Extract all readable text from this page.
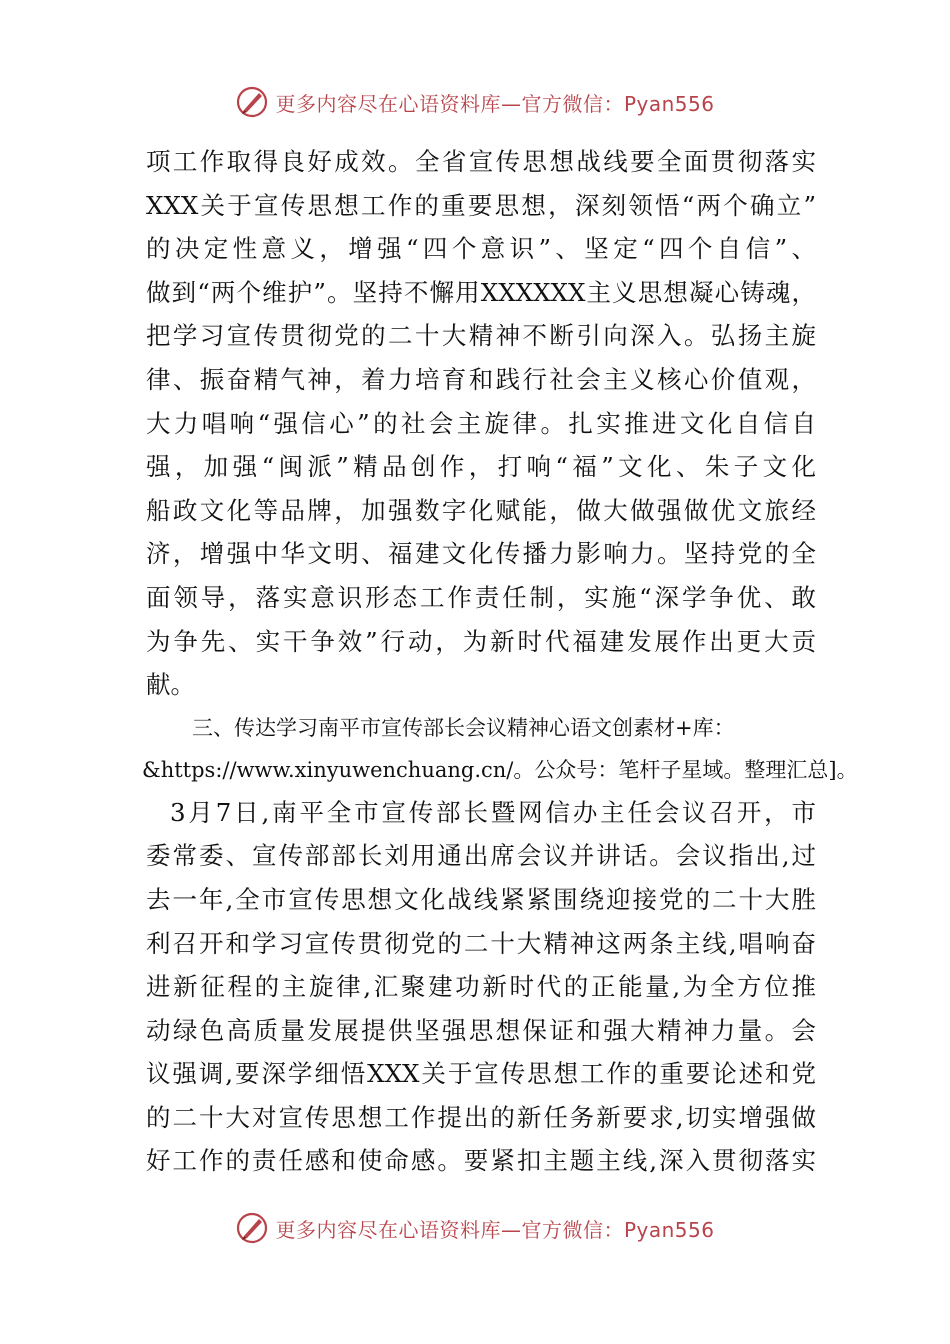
更多内容尽在心语资料库—官方微信：Pyan556
项工作取得良好成效。全省宣传思想战线要全面贯彻落实
XXX关于宣传思想工作的重要思想，深刻领悟“两个确立”
的决定性意义，增强“四个意识”、坚定“四个自信”、
做到“两个维护”。坚持不懈用XXXXXX主义思想凝心铸魂，
把学习宣传贯彻党的二十大精神不断引向深入。弘扬主旋
律、振奋精气神，着力培育和践行社会主义核心价值观，
大力唱响“强信心”的社会主旋律。扎实推进文化自信自
强，加强“闽派”精品创作，打响“福”文化、朱子文化
船政文化等品牌，加强数字化赋能，做大做强做优文旅经
济，增强中华文明、福建文化传播力影响力。坚持党的全
面领导，落实意识形态工作责任制，实施“深学争优、敢
为争先、实干争效”行动，为新时代福建发展作出更大贡
献。
三、传达学习南平市宣传部长会议精神心语文创素材+库：
&https://www.xinyuwenchuang.cn/。公众号：笔杆子星域。整理汇总]。
3月7日,南平全市宣传部长暨网信办主任会议召开，市
委常委、宣传部部长刘用通出席会议并讲话。会议指出,过
去一年,全市宣传思想文化战线紧紧围绕迎接党的二十大胜
利召开和学习宣传贯彻党的二十大精神这两条主线,唱响奋
进新征程的主旋律,汇聚建功新时代的正能量,为全方位推
动绿色高质量发展提供坚强思想保证和强大精神力量。会
议强调,要深学细悟XXX关于宣传思想工作的重要论述和党
的二十大对宣传思想工作提出的新任务新要求,切实增强做
好工作的责任感和使命感。要紧扣主题主线,深入贯彻落实
更多内容尽在心语资料库—官方微信：Pyan556
